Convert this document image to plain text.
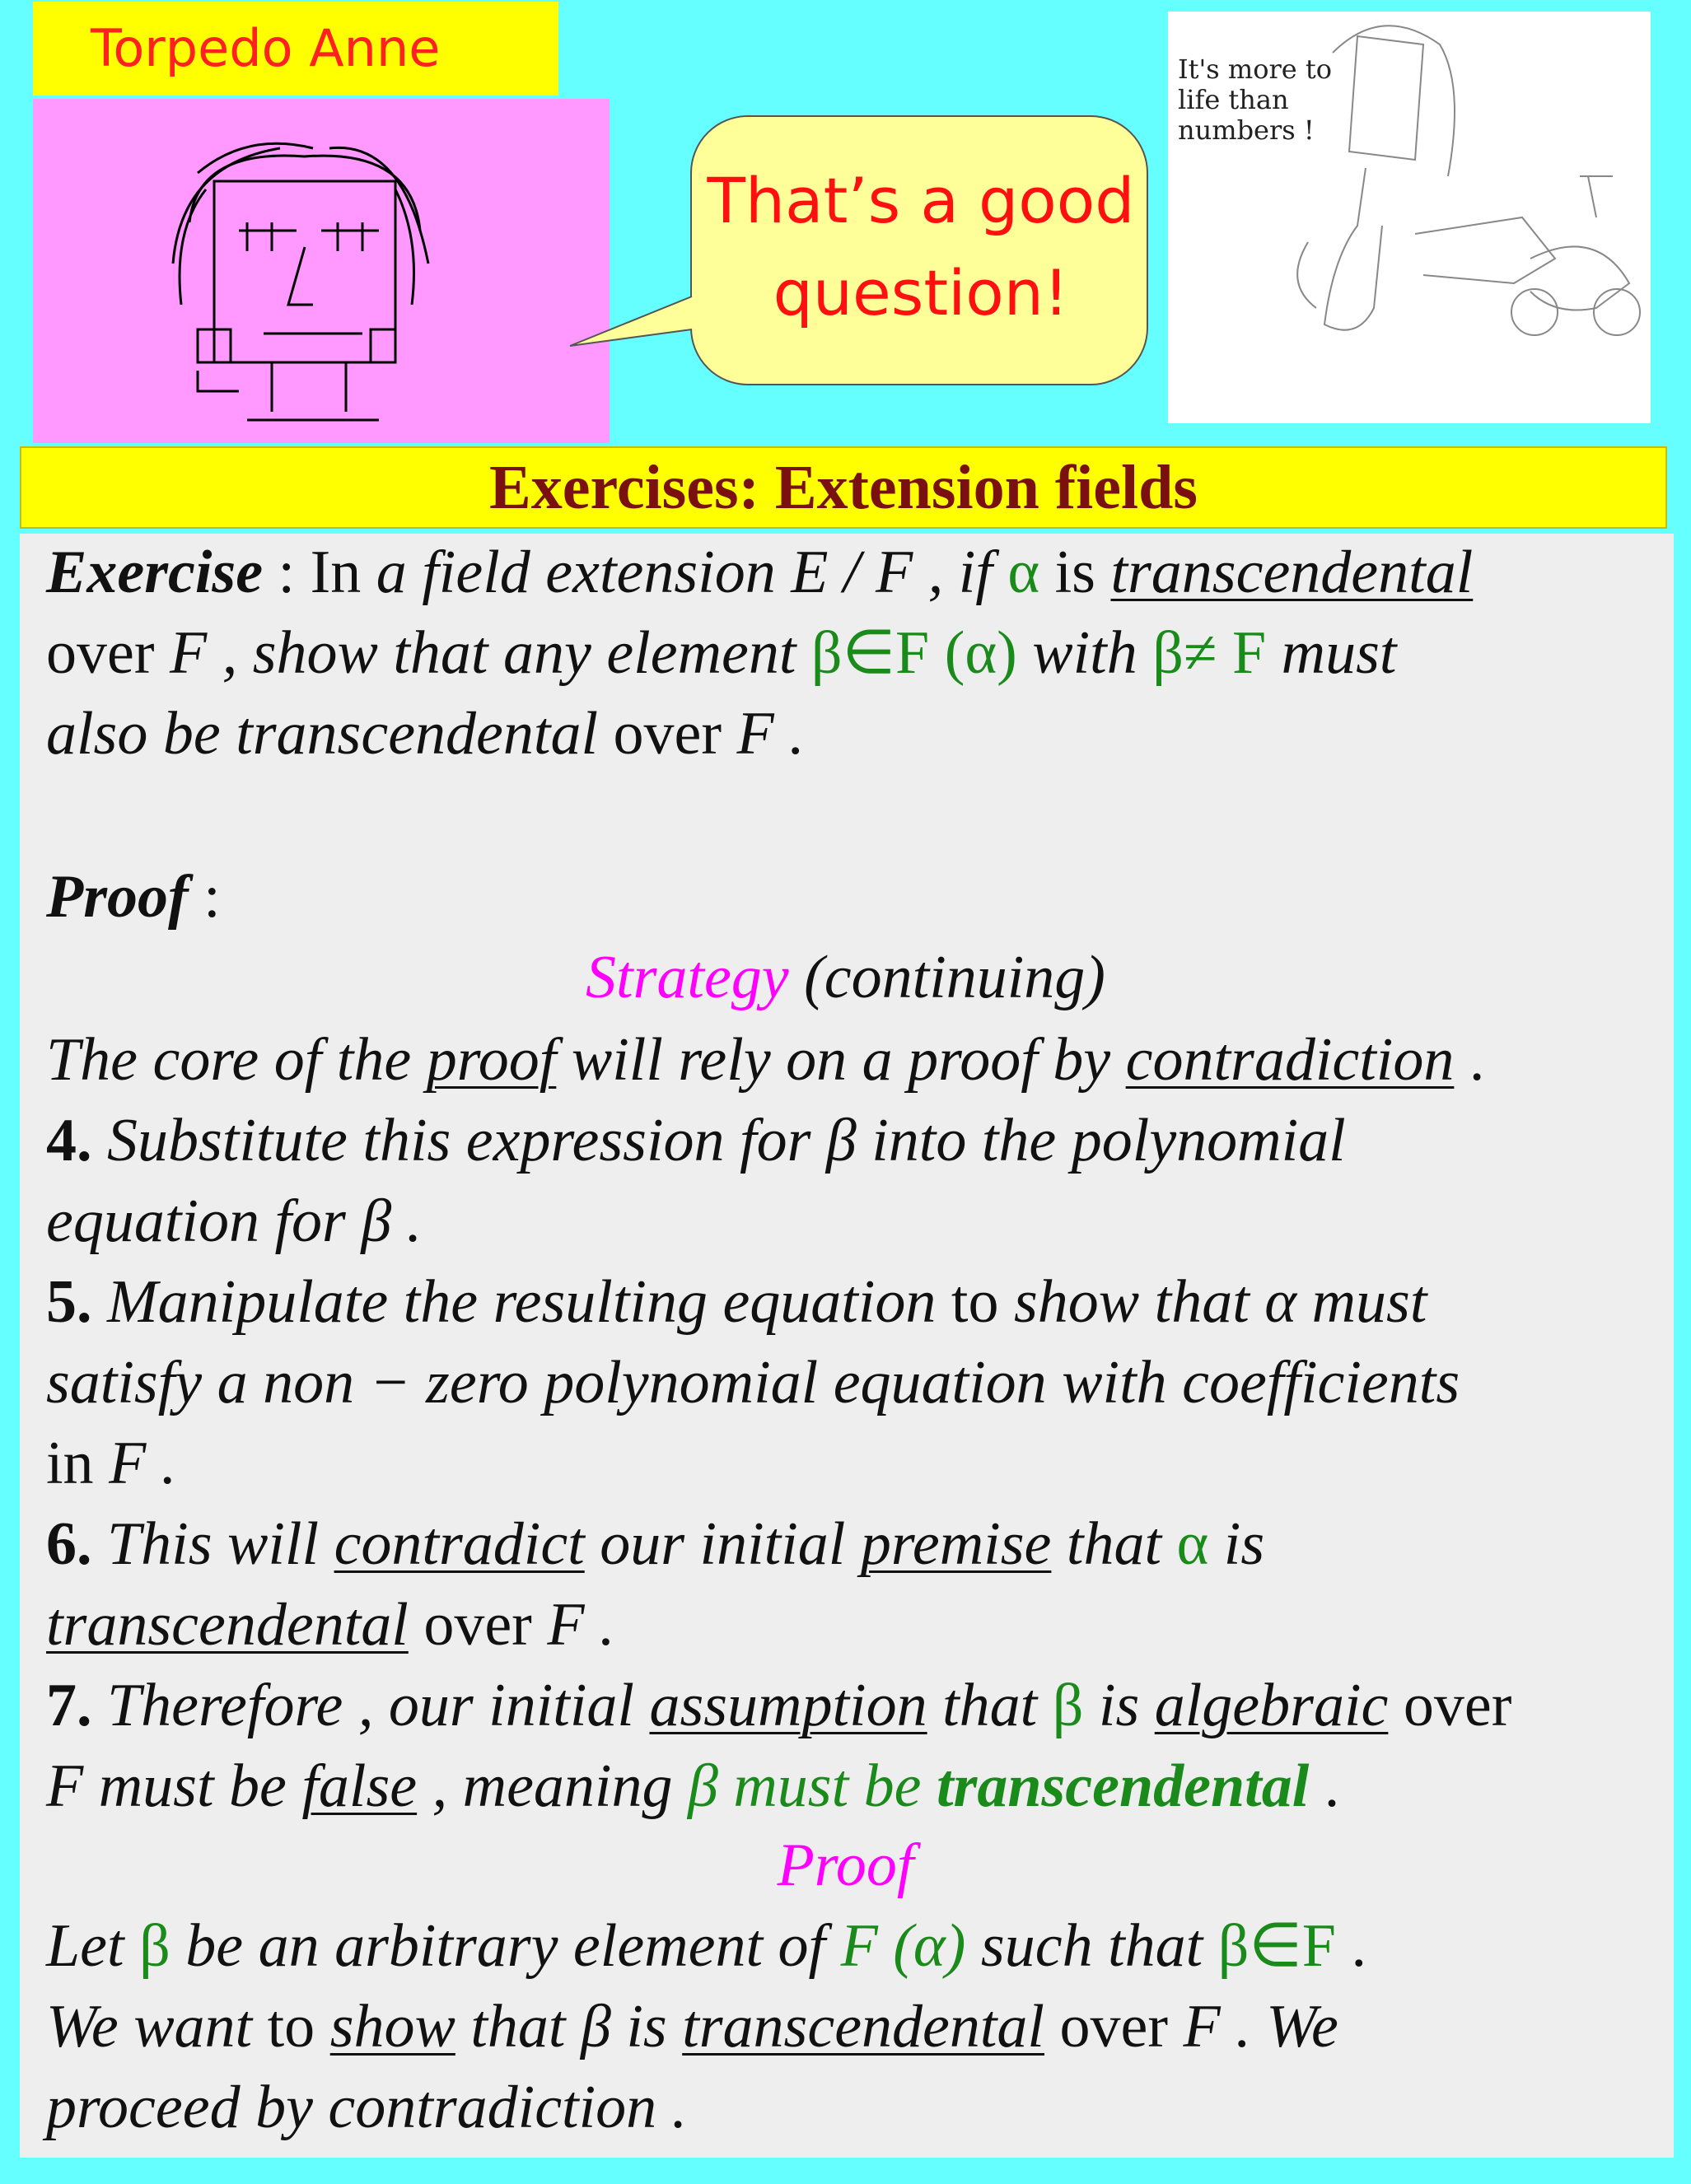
Torpedo Anne
That’s a good
question!
It's more to
life than
numbers !
Exercises: Extension fields
Exercise : In a field extension E / F , if α is transcendental
over F , show that any element β∈F (α) with β≠ F must
also be transcendental over F .
Proof :
Strategy (continuing)
The core of the proof will rely on a proof by contradiction .
4. Substitute this expression for β into the polynomial
equation for β .
5. Manipulate the resulting equation to show that α must
satisfy a non − zero polynomial equation with coefficients
in F .
6. This will contradict our initial premise that α is
transcendental over F .
7. Therefore , our initial assumption that β is algebraic over
F must be false , meaning β must be transcendental .
Proof
Let β be an arbitrary element of F (α) such that β∈F .
We want to show that β is transcendental over F . We
proceed by contradiction .
